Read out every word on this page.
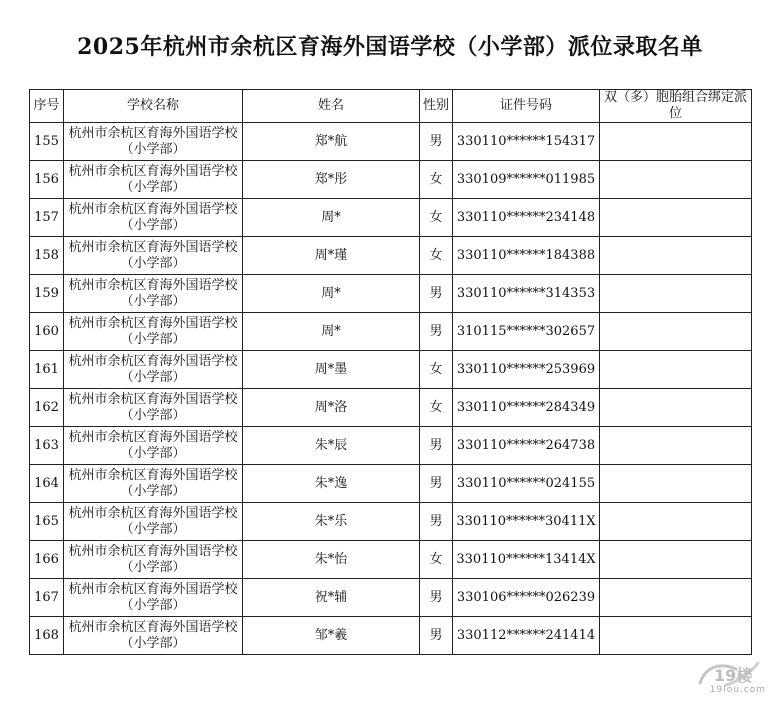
2025年杭州市余杭区育海外国语学校（小学部）派位录取名单
序号	学校名称	姓名	性别	证件号码	双（多）胞胎组合绑定派位
155	杭州市余杭区育海外国语学校（小学部）	郑*航	男	330110******154317	
156	杭州市余杭区育海外国语学校（小学部）	郑*彤	女	330109******011985	
157	杭州市余杭区育海外国语学校（小学部）	周*	女	330110******234148	
158	杭州市余杭区育海外国语学校（小学部）	周*瑾	女	330110******184388	
159	杭州市余杭区育海外国语学校（小学部）	周*	男	330110******314353	
160	杭州市余杭区育海外国语学校（小学部）	周*	男	310115******302657	
161	杭州市余杭区育海外国语学校（小学部）	周*墨	女	330110******253969	
162	杭州市余杭区育海外国语学校（小学部）	周*洛	女	330110******284349	
163	杭州市余杭区育海外国语学校（小学部）	朱*辰	男	330110******264738	
164	杭州市余杭区育海外国语学校（小学部）	朱*逸	男	330110******024155	
165	杭州市余杭区育海外国语学校（小学部）	朱*乐	男	330110******30411X	
166	杭州市余杭区育海外国语学校（小学部）	朱*怡	女	330110******13414X	
167	杭州市余杭区育海外国语学校（小学部）	祝*辅	男	330106******026239	
168	杭州市余杭区育海外国语学校（小学部）	邹*羲	男	330112******241414	
19楼
19lou.com
